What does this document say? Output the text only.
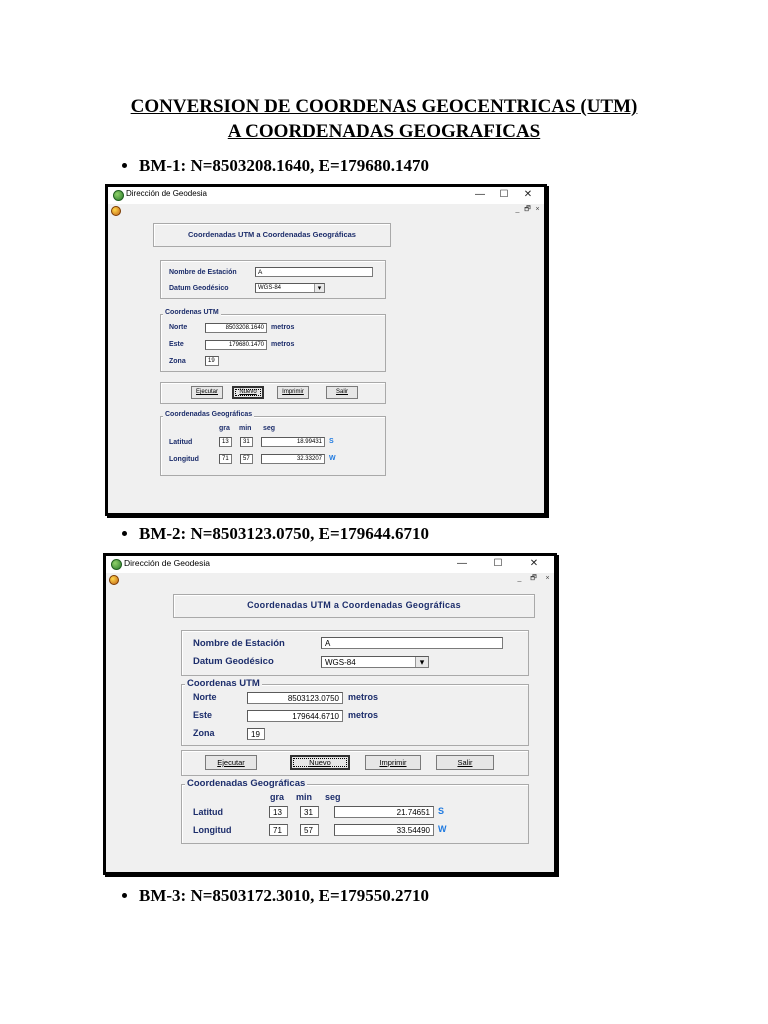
CONVERSION DE COORDENAS GEOCENTRICAS (UTM)
A COORDENADAS GEOGRAFICAS
BM-1: N=8503208.1640, E=179680.1470
Dirección de Geodesia	—	☐	✕
_ 🗗 ×
Coordenadas UTM a Coordenadas Geográficas
Nombre de Estación	A
Datum Geodésico	WGS-84	▾
Coordenas UTM
Norte	8503208.1640	metros
Este	179680.1470	metros
Zona	19
Ejecutar	Nuevo	Imprimir	Salir
Coordenadas Geográficas
gra min seg
Latitud	13	31	18.99431	S
Longitud	71	57	32.33207	W
BM-2: N=8503123.0750, E=179644.6710
Dirección de Geodesia	—	☐	✕
_	🗗	×
Coordenadas UTM a Coordenadas Geográficas
Nombre de Estación	A
Datum Geodésico	WGS-84	▾
Coordenas UTM
Norte	8503123.0750	metros
Este	179644.6710	metros
Zona	19
Ejecutar	Nuevo	Imprimir	Salir
Coordenadas Geográficas
gra min seg
Latitud	13	31	21.74651 S
Longitud	71	57	33.54490 W
BM-3: N=8503172.3010, E=179550.2710
